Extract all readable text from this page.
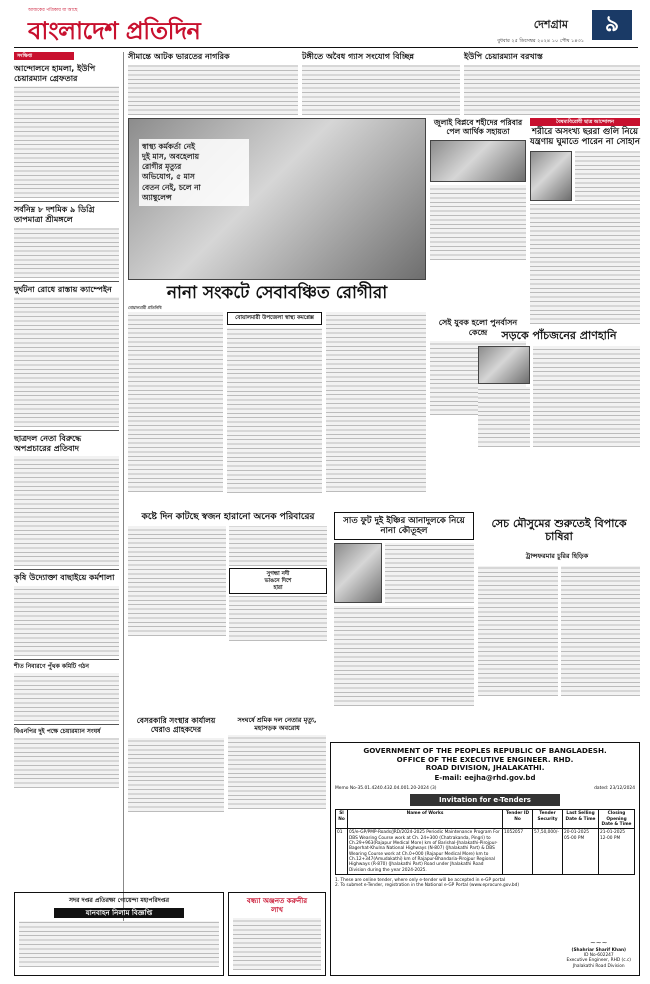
আজকের পত্রিকায় যা আছে
বাংলাদেশ প্রতিদিন	দেশগ্রাম	৯
বুধবার ২৫ ডিসেম্বর ২০২৪ ১০ পৌষ ১৪৩১
সংক্ষিপ্ত
আন্দোলনে হামলা, ইউপি চেয়ারম্যান গ্রেফতার
সর্বনিম্ন ৮ দশমিক ৯ ডিগ্রি তাপমাত্রা শ্রীমঙ্গলে
দুর্ঘটনা রোধে রাস্তায় ক্যাম্পেইন
ছাত্রদল নেতা বিরুদ্ধে অপপ্রচারের প্রতিবাদ
কৃষি উদ্যোক্তা বাছাইয়ে কর্মশালা
শীত নিবারণে পুঁথক কমিটি গঠন
বিএনপির দুই পক্ষে চেয়ারম্যান সংঘর্ষ
সীমান্তে আটক ভারতের নাগরিক	টঙ্গীতে অবৈধ গ্যাস সংযোগ বিচ্ছিন্ন	ইউপি চেয়ারম্যান বরখাস্ত
স্বাস্থ্য কর্মকর্তা নেই
দুই মাস, অবহেলায়
রোগীর মৃত্যুর
অভিযোগ, ৫ মাস
বেতন নেই, চলে না
অ্যাম্বুলেন্স
নানা সংকটে সেবাবঞ্চিত রোগীরা
বোয়ালমারী প্রতিনিধি
বোয়ালমারী উপজেলা স্বাস্থ্য কমপ্লেক্স
জুলাই বিপ্লবে শহীদের পরিবার পেল আর্থিক সহায়তা
সেই যুবক হলো পুনর্বাসন কেন্দ্রে
বৈষম্যবিরোধী ছাত্র আন্দোলন
শরীরে অসংখ্য ছররা গুলি নিয়ে যন্ত্রণায় ঘুমাতে পারেন না সোহান
সড়কে পাঁচজনের প্রাণহানি
কষ্টে দিন কাটছে স্বজন হারানো অনেক পরিবারের
সুগন্ধা নদী
ভাঙনে দিশে
হারা
সাত ফুট দুই ইঞ্চির আনাদুলকে নিয়ে নানা কৌতূহল
সেচ মৌসুমের শুরুতেই বিপাকে চাষিরা
ট্রান্সফরমার চুরির হিড়িক
বেসরকারি সংস্থার কার্যালয় ঘেরাও গ্রাহকদের
সংঘর্ষে শ্রমিক দল নেতার মৃত্যু, মহাসড়ক অবরোধ
সদর দপ্তর প্রতিরক্ষা গোয়েন্দা মহাপরিদপ্তর
যানবাহন নিলাম বিজ্ঞপ্তি
বন্ধ্যা অঞ্জনত করুনীর
লাখ
GOVERNMENT OF THE PEOPLES REPUBLIC OF BANGLADESH.
OFFICE OF THE EXECUTIVE ENGINEER. RHD.
ROAD DIVISION, JHALAKATHI.
E-mail: eejha@rhd.gov.bd
Memo No-35.01.4240.432.04.001.20-2024 (3)	dated: 23/12/2024
Invitation for e-Tenders
Sl No	Name of Works	Tender ID No	Tender Security	Last Selling Date & Time	Closing Opening Date & Time
01	05/e-GP/PMP-Roads/JRD/2024-2025 Periodic Maintenance Program For DBS Wearing Course work at Ch. 24+300 (Chatrakanda, Pingri) to Ch.29+963(Rajapur Medical More) km of Barishal-Jhalakathi-Pirojpur-Bagerhat-Khulna National Highways (N-807) (Jhalakathi Part) & DBS Wearing Course work at Ch.0+000 (Rajapur Medical More) km to Ch.12+347(Amudakathi) km of Rajapur-Bhandaria-Pirojpur Regional Highways (R-870) (Jhalakathi Part) Road under Jhalakathi Road Division during the year 2024-2025.	1052057	57,50,000/-	20-01-2025 05-00 PM	21-01-2025 12-00 PM
1. These are online tender, where only e-tender will be accepted in e-GP portal
2. To submet e-Tender, registration in the National e-GP Portal (www.eprocure.gov.bd)
~~~
(Shahriar Sharif Khan)
ID No-602247
Executive Engineer, RHD (c.c)
Jhalakathi Road Division
